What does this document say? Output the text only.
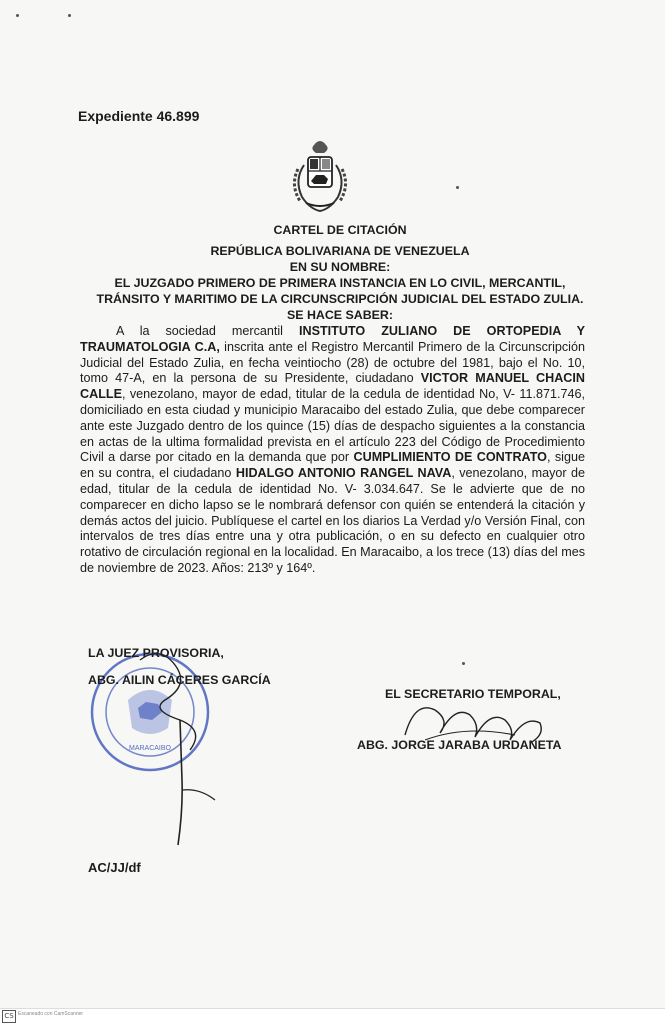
Expediente 46.899
CARTEL DE CITACIÓN
REPÚBLICA BOLIVARIANA DE VENEZUELA
EN SU NOMBRE:
EL JUZGADO PRIMERO DE PRIMERA INSTANCIA EN LO CIVIL, MERCANTIL,
TRÁNSITO Y MARITIMO DE LA CIRCUNSCRIPCIÓN JUDICIAL DEL ESTADO ZULIA.
SE HACE SABER:
A la sociedad mercantil INSTITUTO ZULIANO DE ORTOPEDIA Y TRAUMATOLOGIA C.A, inscrita ante el Registro Mercantil Primero de la Circunscripción Judicial del Estado Zulia, en fecha veintiocho (28) de octubre del 1981, bajo el No. 10, tomo 47-A, en la persona de su Presidente, ciudadano VICTOR MANUEL CHACIN CALLE, venezolano, mayor de edad, titular de la cedula de identidad No, V- 11.871.746, domiciliado en esta ciudad y municipio Maracaibo del estado Zulia, que debe comparecer ante este Juzgado dentro de los quince (15) días de despacho siguientes a la constancia en actas de la ultima formalidad prevista en el artículo 223 del Código de Procedimiento Civil a darse por citado en la demanda que por CUMPLIMIENTO DE CONTRATO, sigue en su contra, el ciudadano HIDALGO ANTONIO RANGEL NAVA, venezolano, mayor de edad, titular de la cedula de identidad No. V- 3.034.647. Se le advierte que de no comparecer en dicho lapso se le nombrará defensor con quién se entenderá la citación y demás actos del juicio. Publíquese el cartel en los diarios La Verdad y/o Versión Final, con intervalos de tres días entre una y otra publicación, o en su defecto en cualquier otro rotativo de circulación regional en la localidad. En Maracaibo, a los trece (13) días del mes de noviembre de 2023. Años: 213º y 164º.
MARACAIBO
LA JUEZ PROVISORIA,
ABG. AILIN CÁCERES GARCÍA
EL SECRETARIO TEMPORAL,
ABG. JORGE JARABA URDANETA
AC/JJ/df
CS Escaneado con CamScanner
